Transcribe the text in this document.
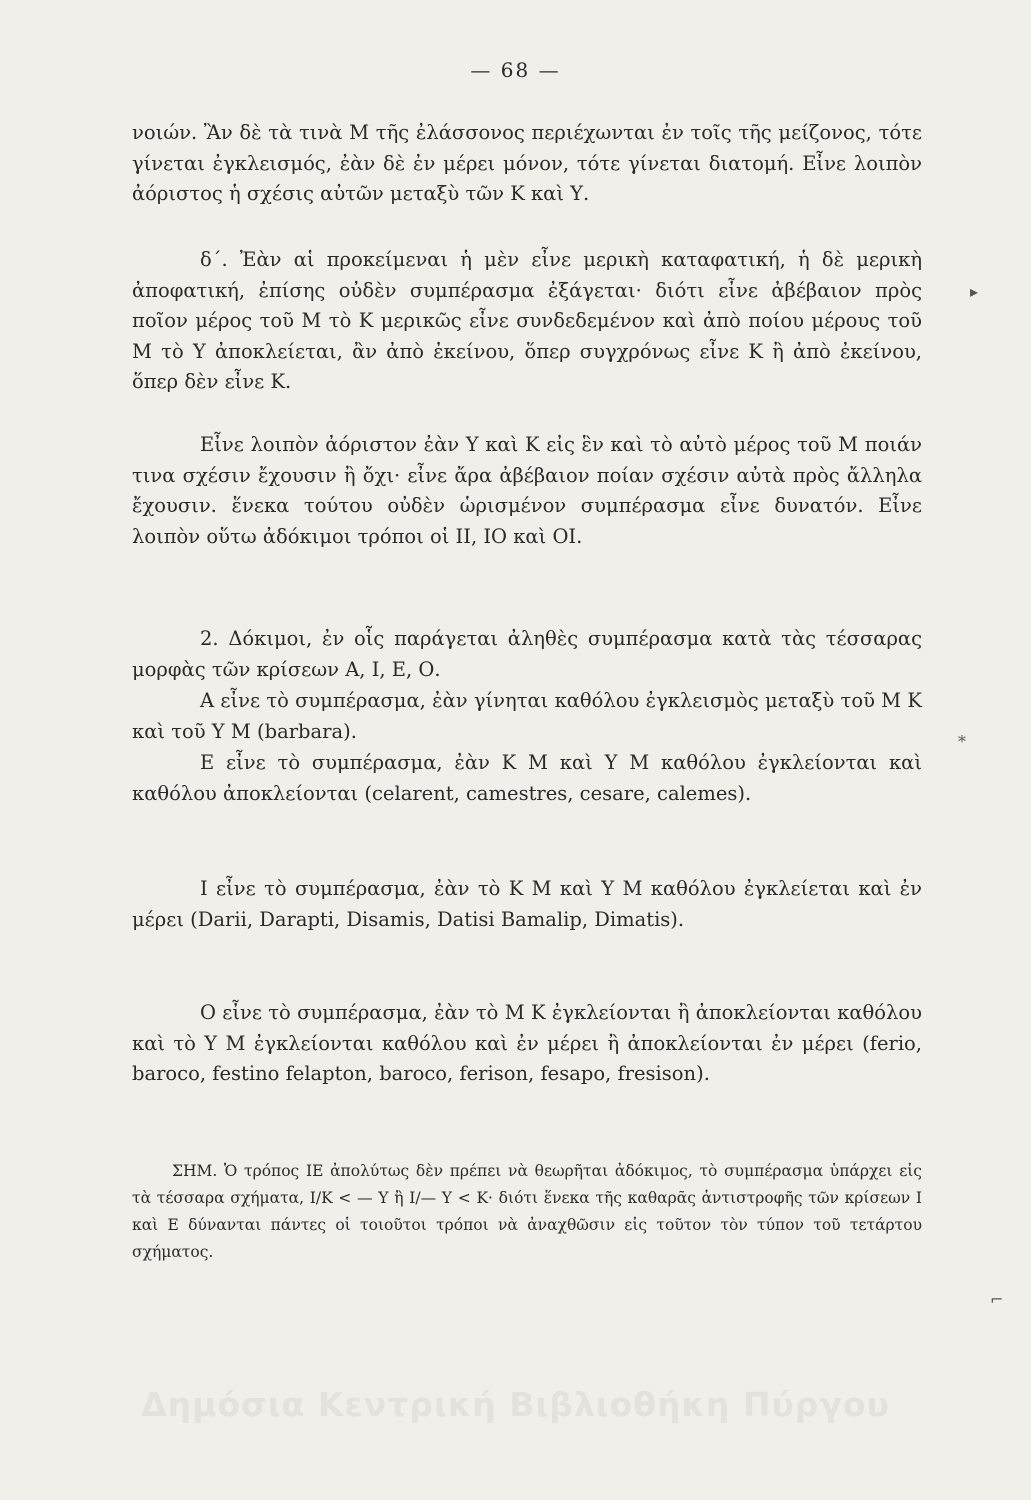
— 68 —

νοιών. Ἂν δὲ τὰ τινὰ Μ τῆς ἐλάσσονος περιέχωνται ἐν τοῖς τῆς μείζονος, τότε γίνεται ἐγκλεισμός, ἐὰν δὲ ἐν μέρει μόνον, τότε γίνεται διατομή. Εἶνε λοιπὸν ἀόριστος ἡ σχέσις αὐτῶν μεταξὺ τῶν Κ καὶ Υ.

δ΄. Ἐὰν αἱ προκείμεναι ἡ μὲν εἶνε μερικὴ καταφατική, ἡ δὲ μερικὴ ἀποφατική, ἐπίσης οὐδὲν συμπέρασμα ἐξάγεται· διότι εἶνε ἀβέβαιον πρὸς ποῖον μέρος τοῦ Μ τὸ Κ μερικῶς εἶνε συνδεδεμένον καὶ ἀπὸ ποίου μέρους τοῦ Μ τὸ Υ ἀποκλείεται, ἂν ἀπὸ ἐκείνου, ὅπερ συγχρόνως εἶνε Κ ἢ ἀπὸ ἐκείνου, ὅπερ δὲν εἶνε Κ.

Εἶνε λοιπὸν ἀόριστον ἐὰν Υ καὶ Κ εἰς ἓν καὶ τὸ αὐτὸ μέρος τοῦ Μ ποιάν τινα σχέσιν ἔχουσιν ἢ ὄχι· εἶνε ἄρα ἀβέβαιον ποίαν σχέσιν αὐτὰ πρὸς ἄλληλα ἔχουσιν. ἕνεκα τούτου οὐδὲν ὡρισμένον συμπέρασμα εἶνε δυνατόν. Εἶνε λοιπὸν οὕτω ἀδόκιμοι τρόποι οἱ ΙΙ, ΙΟ καὶ ΟΙ.

2. Δόκιμοι, ἐν οἷς παράγεται ἀληθὲς συμπέρασμα κατὰ τὰς τέσσαρας μορφὰς τῶν κρίσεων Α, Ι, Ε, Ο.

Α εἶνε τὸ συμπέρασμα, ἐὰν γίνηται καθόλου ἐγκλεισμὸς μεταξὺ τοῦ Μ Κ καὶ τοῦ Υ Μ (barbara).

Ε εἶνε τὸ συμπέρασμα, ἐὰν Κ Μ καὶ Υ Μ καθόλου ἐγκλείονται καὶ καθόλου ἀποκλείονται (celarent, camestres, cesare, calemes).

Ι εἶνε τὸ συμπέρασμα, ἐὰν τὸ Κ Μ καὶ Υ Μ καθόλου ἐγκλείεται καὶ ἐν μέρει (Darii, Darapti, Disamis, Datisi Bamalip, Dimatis).

Ο εἶνε τὸ συμπέρασμα, ἐὰν τὸ Μ Κ ἐγκλείονται ἢ ἀποκλείονται καθόλου καὶ τὸ Υ Μ ἐγκλείονται καθόλου καὶ ἐν μέρει ἢ ἀποκλείονται ἐν μέρει (ferio, baroco, festino felapton, baroco, ferison, fesapo, fresison).

ΣΗΜ. Ὁ τρόπος ΙΕ ἀπολύτως δὲν πρέπει νὰ θεωρῆται ἀδόκιμος, τὸ συμπέρασμα ὑπάρχει εἰς τὰ τέσσαρα σχήματα, Ι/Κ < — Υ ἢ Ι/— Υ < Κ· διότι ἕνεκα τῆς καθαρᾶς ἀντιστροφῆς τῶν κρίσεων Ι καὶ Ε δύνανται πάντες οἱ τοιοῦτοι τρόποι νὰ ἀναχθῶσιν εἰς τοῦτον τὸν τύπον τοῦ τετάρτου σχήματος.

▸
*
⌐
Δημόσια Κεντρική Βιβλιοθήκη Πύργου
